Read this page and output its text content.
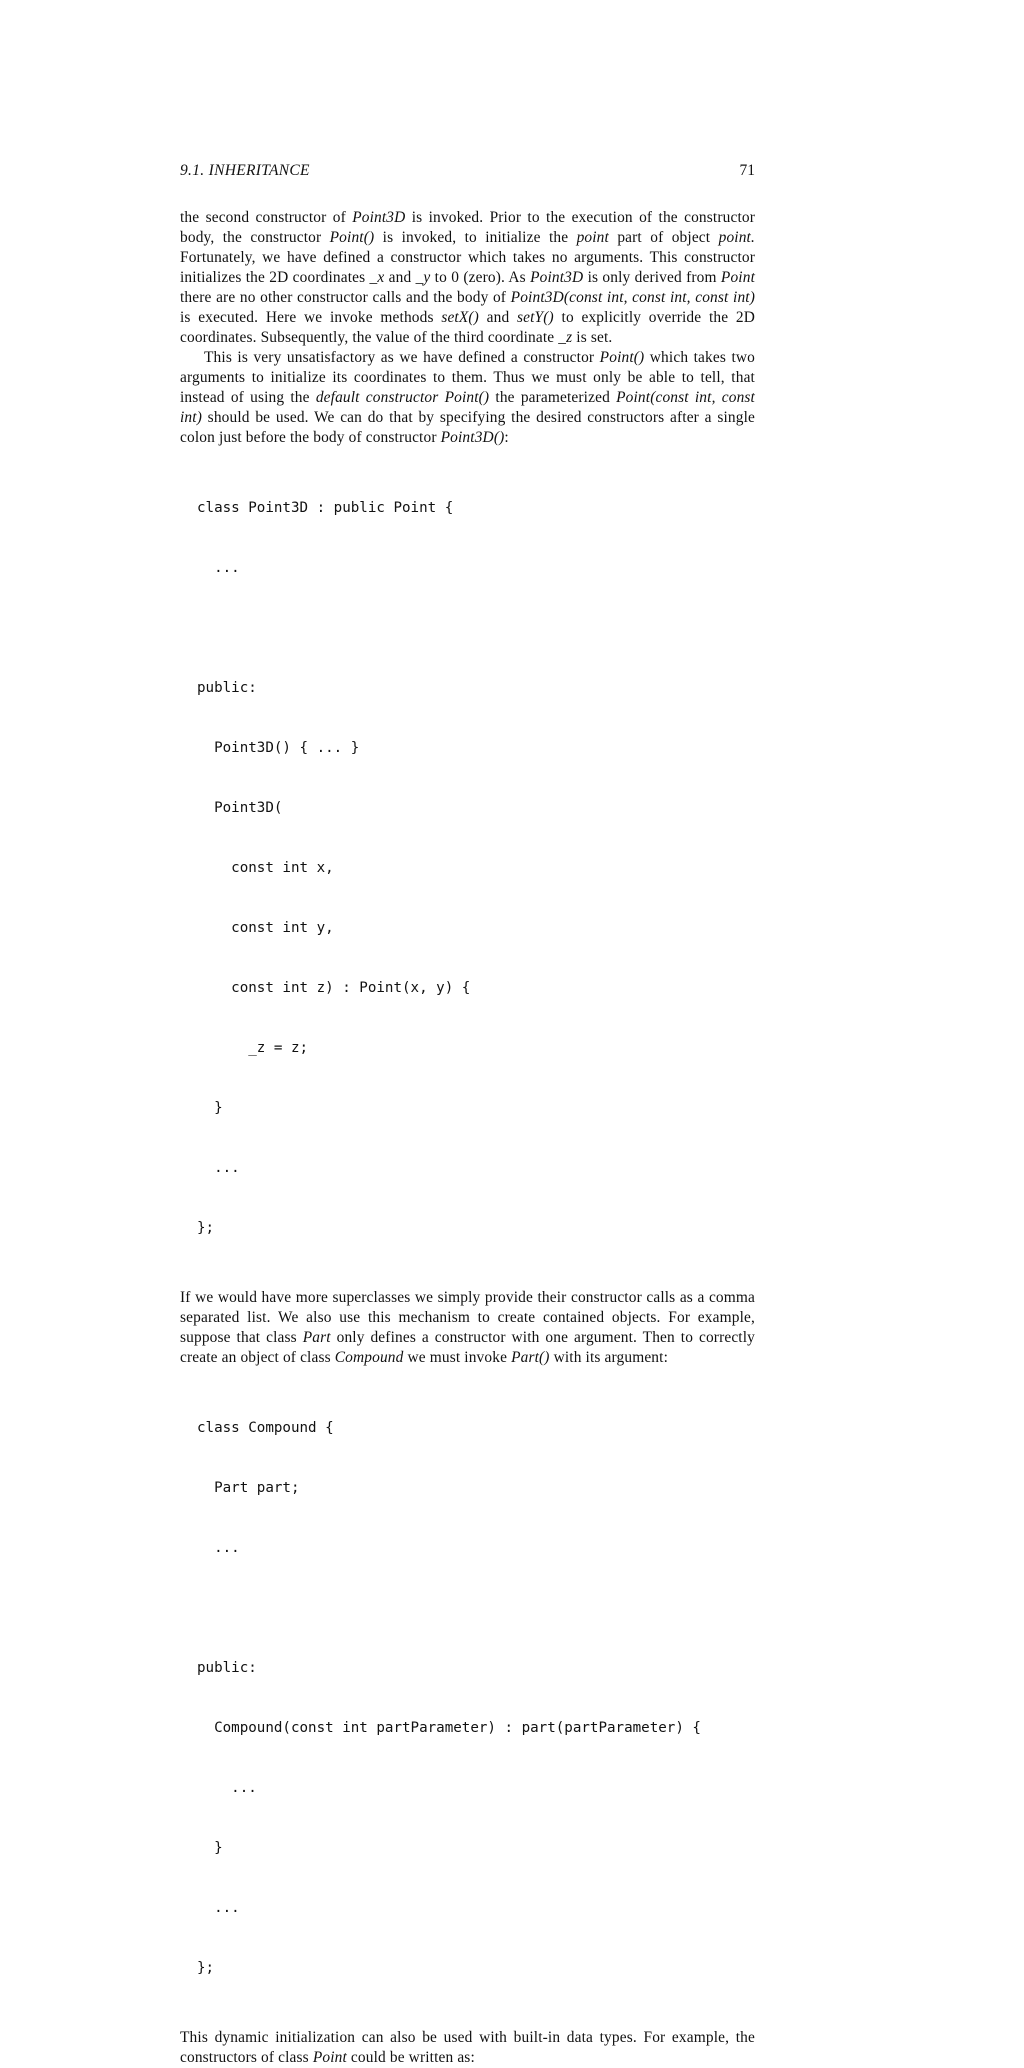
9.1. INHERITANCE	71

the second constructor of Point3D is invoked. Prior to the execution of the constructor body, the constructor Point() is invoked, to initialize the point part of object point. Fortunately, we have defined a constructor which takes no arguments. This constructor initializes the 2D coordinates _x and _y to 0 (zero). As Point3D is only derived from Point there are no other constructor calls and the body of Point3D(const int, const int, const int) is executed. Here we invoke methods setX() and setY() to explicitly override the 2D coordinates. Subsequently, the value of the third coordinate _z is set.

This is very unsatisfactory as we have defined a constructor Point() which takes two arguments to initialize its coordinates to them. Thus we must only be able to tell, that instead of using the default constructor Point() the parameterized Point(const int, const int) should be used. We can do that by specifying the desired constructors after a single colon just before the body of constructor Point3D():

class Point3D : public Point {

...

public:

Point3D() { ... }

Point3D(

const int x,

const int y,

const int z) : Point(x, y) {

_z = z;

}

...

};

If we would have more superclasses we simply provide their constructor calls as a comma separated list. We also use this mechanism to create contained objects. For example, suppose that class Part only defines a constructor with one argument. Then to correctly create an object of class Compound we must invoke Part() with its argument:

class Compound {

Part part;

...

public:

Compound(const int partParameter) : part(partParameter) {

...

}

...

};

This dynamic initialization can also be used with built-in data types. For example, the constructors of class Point could be written as:
